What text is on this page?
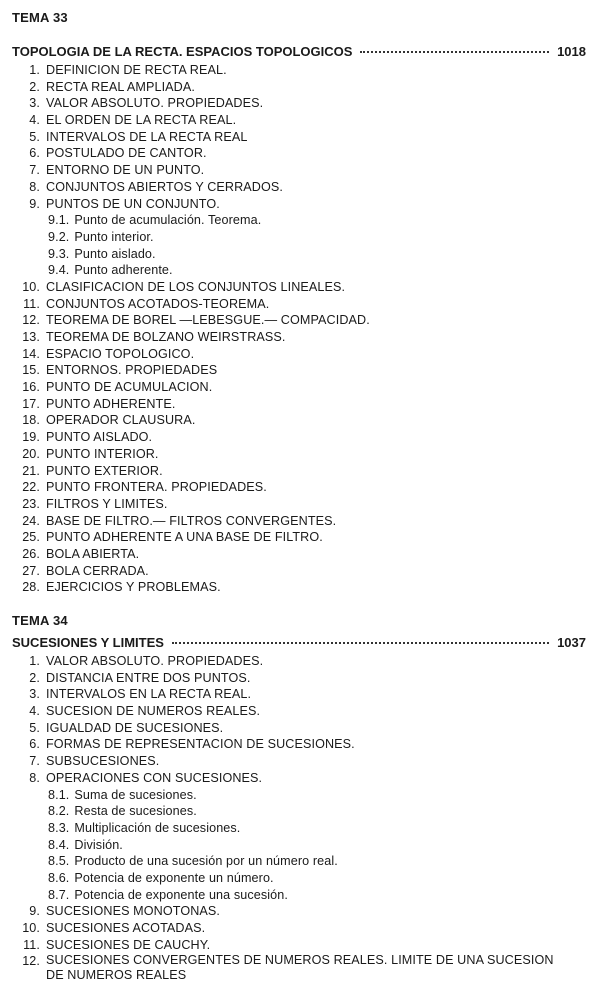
TEMA 33
TOPOLOGIA DE LA RECTA. ESPACIOS TOPOLOGICOS	1018
1. DEFINICION DE RECTA REAL.
2. RECTA REAL AMPLIADA.
3. VALOR ABSOLUTO. PROPIEDADES.
4. EL ORDEN DE LA RECTA REAL.
5. INTERVALOS DE LA RECTA REAL
6. POSTULADO DE CANTOR.
7. ENTORNO DE UN PUNTO.
8. CONJUNTOS ABIERTOS Y CERRADOS.
9. PUNTOS DE UN CONJUNTO.
9.1. Punto de acumulación. Teorema.
9.2. Punto interior.
9.3. Punto aislado.
9.4. Punto adherente.
10. CLASIFICACION DE LOS CONJUNTOS LINEALES.
11. CONJUNTOS ACOTADOS-TEOREMA.
12. TEOREMA DE BOREL —LEBESGUE.— COMPACIDAD.
13. TEOREMA DE BOLZANO WEIRSTRASS.
14. ESPACIO TOPOLOGICO.
15. ENTORNOS. PROPIEDADES
16. PUNTO DE ACUMULACION.
17. PUNTO ADHERENTE.
18. OPERADOR CLAUSURA.
19. PUNTO AISLADO.
20. PUNTO INTERIOR.
21. PUNTO EXTERIOR.
22. PUNTO FRONTERA. PROPIEDADES.
23. FILTROS Y LIMITES.
24. BASE DE FILTRO.— FILTROS CONVERGENTES.
25. PUNTO ADHERENTE A UNA BASE DE FILTRO.
26. BOLA ABIERTA.
27. BOLA CERRADA.
28. EJERCICIOS Y PROBLEMAS.
TEMA 34
SUCESIONES Y LIMITES	1037
1. VALOR ABSOLUTO. PROPIEDADES.
2. DISTANCIA ENTRE DOS PUNTOS.
3. INTERVALOS EN LA RECTA REAL.
4. SUCESION DE NUMEROS REALES.
5. IGUALDAD DE SUCESIONES.
6. FORMAS DE REPRESENTACION DE SUCESIONES.
7. SUBSUCESIONES.
8. OPERACIONES CON SUCESIONES.
8.1. Suma de sucesiones.
8.2. Resta de sucesiones.
8.3. Multiplicación de sucesiones.
8.4. División.
8.5. Producto de una sucesión por un número real.
8.6. Potencia de exponente un número.
8.7. Potencia de exponente una sucesión.
9. SUCESIONES MONOTONAS.
10. SUCESIONES ACOTADAS.
11. SUCESIONES DE CAUCHY.
12. SUCESIONES CONVERGENTES DE NUMEROS REALES. LIMITE DE UNA SUCESION DE NUMEROS REALES
